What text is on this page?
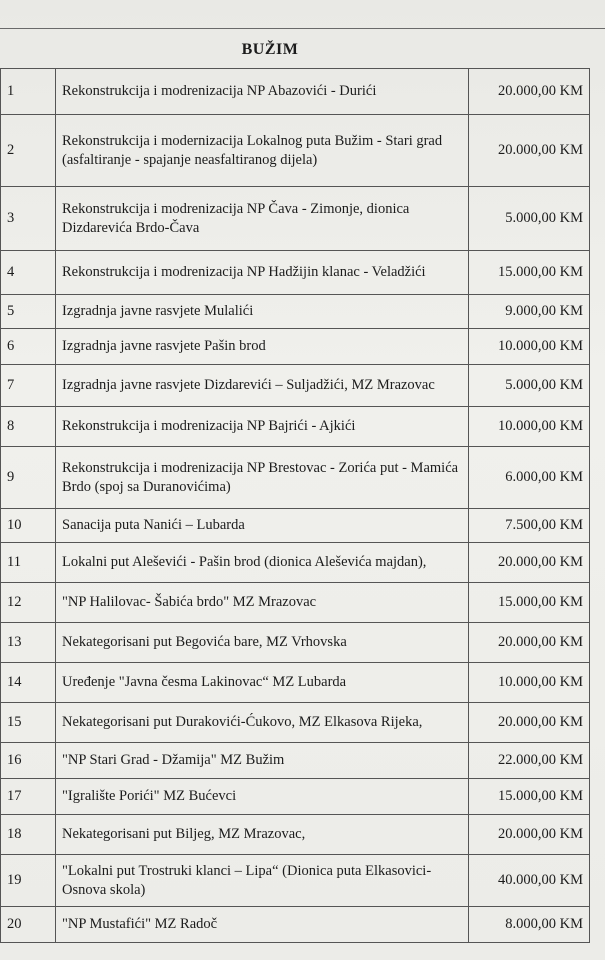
BUŽIM
1	Rekonstrukcija i modrenizacija NP Abazovići - Durići	20.000,00 KM
2	Rekonstrukcija i modernizacija Lokalnog puta Bužim - Stari grad (asfaltiranje - spajanje neasfaltiranog dijela)	20.000,00 KM
3	Rekonstrukcija i modrenizacija NP Čava - Zimonje, dionica Dizdarevića Brdo-Čava	5.000,00 KM
4	Rekonstrukcija i modrenizacija NP Hadžijin klanac - Veladžići	15.000,00 KM
5	Izgradnja javne rasvjete Mulalići	9.000,00 KM
6	Izgradnja javne rasvjete Pašin brod	10.000,00 KM
7	Izgradnja javne rasvjete Dizdarevići – Suljadžići, MZ Mrazovac	5.000,00 KM
8	Rekonstrukcija i modrenizacija NP Bajrići - Ajkići	10.000,00 KM
9	Rekonstrukcija i modrenizacija NP Brestovac - Zorića put - Mamića Brdo (spoj sa Duranovićima)	6.000,00 KM
10	Sanacija puta Nanići – Lubarda	7.500,00 KM
11	Lokalni put Aleševići - Pašin brod (dionica Aleševića majdan),	20.000,00 KM
12	"NP Halilovac- Šabića brdo" MZ Mrazovac	15.000,00 KM
13	Nekategorisani put Begovića bare, MZ Vrhovska	20.000,00 KM
14	Uređenje "Javna česma Lakinovac“ MZ Lubarda	10.000,00 KM
15	Nekategorisani put Durakovići-Ćukovo, MZ Elkasova Rijeka,	20.000,00 KM
16	"NP Stari Grad - Džamija" MZ Bužim	22.000,00 KM
17	"Igralište Porići" MZ Bućevci	15.000,00 KM
18	Nekategorisani put Biljeg, MZ Mrazovac,	20.000,00 KM
19	"Lokalni put Trostruki klanci – Lipa“ (Dionica puta Elkasovici-Osnova skola)	40.000,00 KM
20	"NP Mustafići" MZ Radoč	8.000,00 KM
